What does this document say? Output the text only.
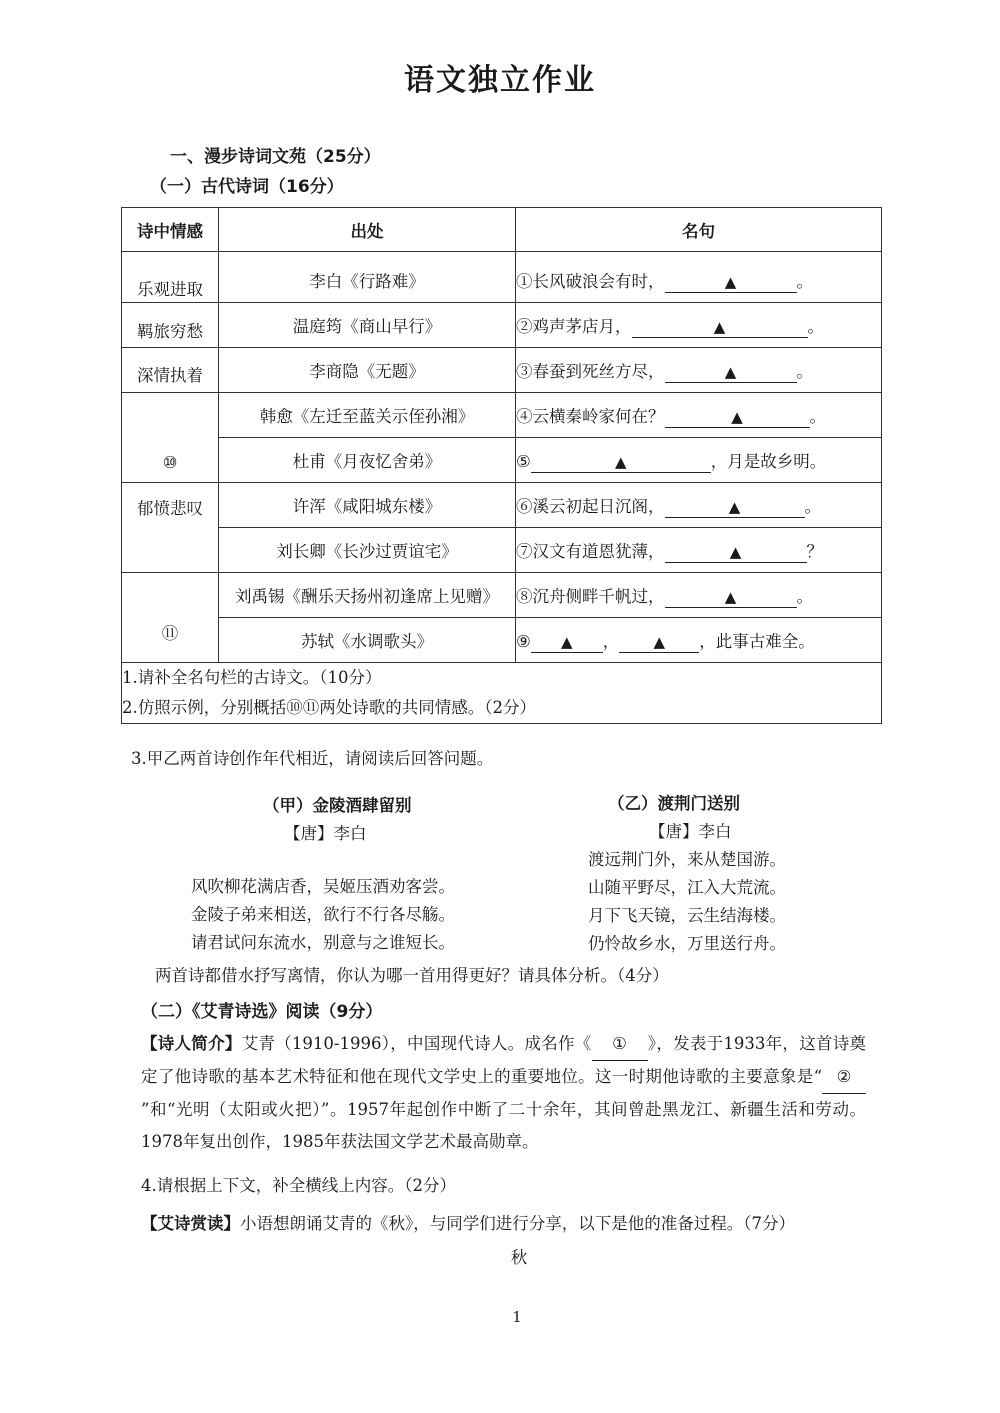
语文独立作业
一、漫步诗词文苑（25分）
（一）古代诗词（16分）
诗中情感	出处	名句
乐观进取	李白《行路难》	①长风破浪会有时， ▲ 。
羁旅穷愁	温庭筠《商山早行》	②鸡声茅店月， ▲ 。
深情执着	李商隐《无题》	③春蚕到死丝方尽， ▲ 。
⑩	韩愈《左迁至蓝关示侄孙湘》	④云横秦岭家何在？ ▲ 。
	杜甫《月夜忆舍弟》	⑤ ▲ ，月是故乡明。
郁愤悲叹	许浑《咸阳城东楼》	⑥溪云初起日沉阁， ▲ 。
	刘长卿《长沙过贾谊宅》	⑦汉文有道恩犹薄， ▲ ？
⑪	刘禹锡《酬乐天扬州初逢席上见赠》	⑧沉舟侧畔千帆过， ▲ 。
	苏轼《水调歌头》	⑨ ▲ ， ▲ ，此事古难全。

1.请补全名句栏的古诗文。（10分）
2.仿照示例，分别概括⑩⑪两处诗歌的共同情感。（2分）		
3.甲乙两首诗创作年代相近，请阅读后回答问题。
（甲）金陵酒肆留别
【唐】李白
风吹柳花满店香，吴姬压酒劝客尝。
金陵子弟来相送，欲行不行各尽觞。
请君试问东流水，别意与之谁短长。
（乙）渡荆门送别
【唐】李白
渡远荆门外，来从楚国游。
山随平野尽，江入大荒流。
月下飞天镜，云生结海楼。
仍怜故乡水，万里送行舟。
两首诗都借水抒写离情，你认为哪一首用得更好？请具体分析。（4分）
（二）《艾青诗选》阅读（9分）
【诗人简介】艾青（1910-1996），中国现代诗人。成名作《 ① 》，发表于1933年，这首诗奠定了他诗歌的基本艺术特征和他在现代文学史上的重要地位。这一时期他诗歌的主要意象是“ ②”和“光明（太阳或火把）”。1957年起创作中断了二十余年，其间曾赴黑龙江、新疆生活和劳动。1978年复出创作，1985年获法国文学艺术最高勋章。
4.请根据上下文，补全横线上内容。（2分）
【艾诗赏读】小语想朗诵艾青的《秋》，与同学们进行分享，以下是他的准备过程。（7分）
秋
1
